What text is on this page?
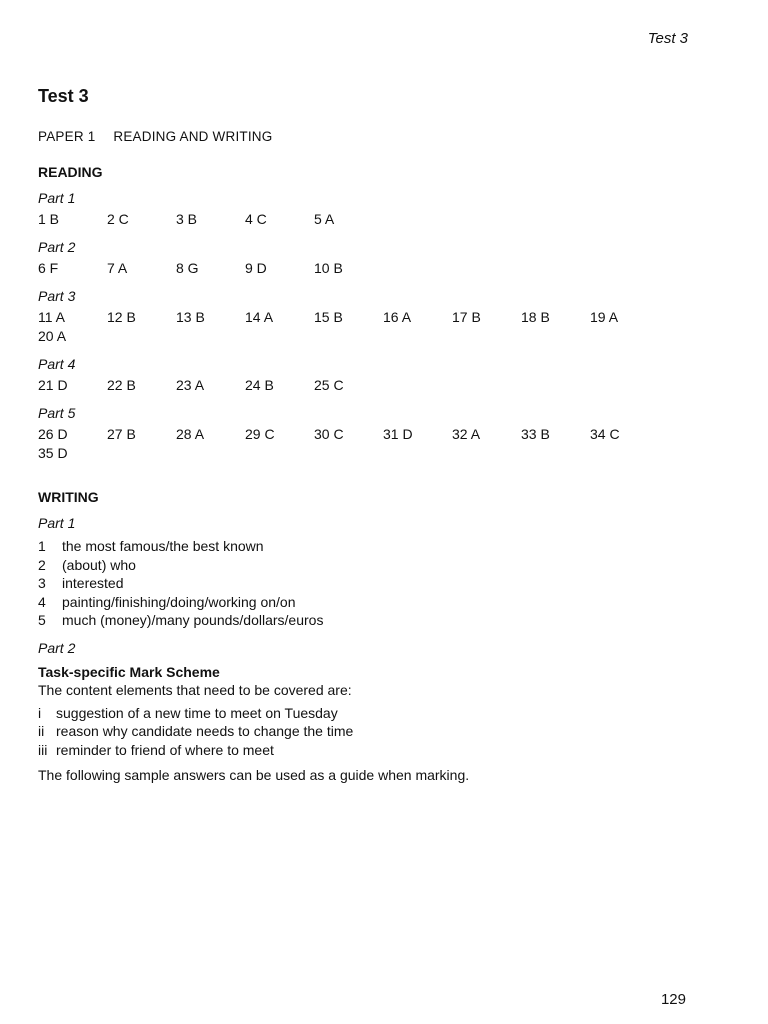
Test 3
Test 3
PAPER 1 READING AND WRITING
READING
Part 1
1 B	2 C	3 B	4 C	5 A
Part 2
6 F	7 A	8 G	9 D	10 B
Part 3
11 A	12 B	13 B	14 A	15 B	16 A	17 B	18 B	19 A
20 A
Part 4
21 D	22 B	23 A	24 B	25 C
Part 5
26 D	27 B	28 A	29 C	30 C	31 D	32 A	33 B	34 C
35 D
WRITING
Part 1
1	the most famous/the best known
2	(about) who
3	interested
4	painting/finishing/doing/working on/on
5	much (money)/many pounds/dollars/euros
Part 2
Task-specific Mark Scheme
The content elements that need to be covered are:
i	suggestion of a new time to meet on Tuesday
ii reason why candidate needs to change the time
iii reminder to friend of where to meet
The following sample answers can be used as a guide when marking.
129
